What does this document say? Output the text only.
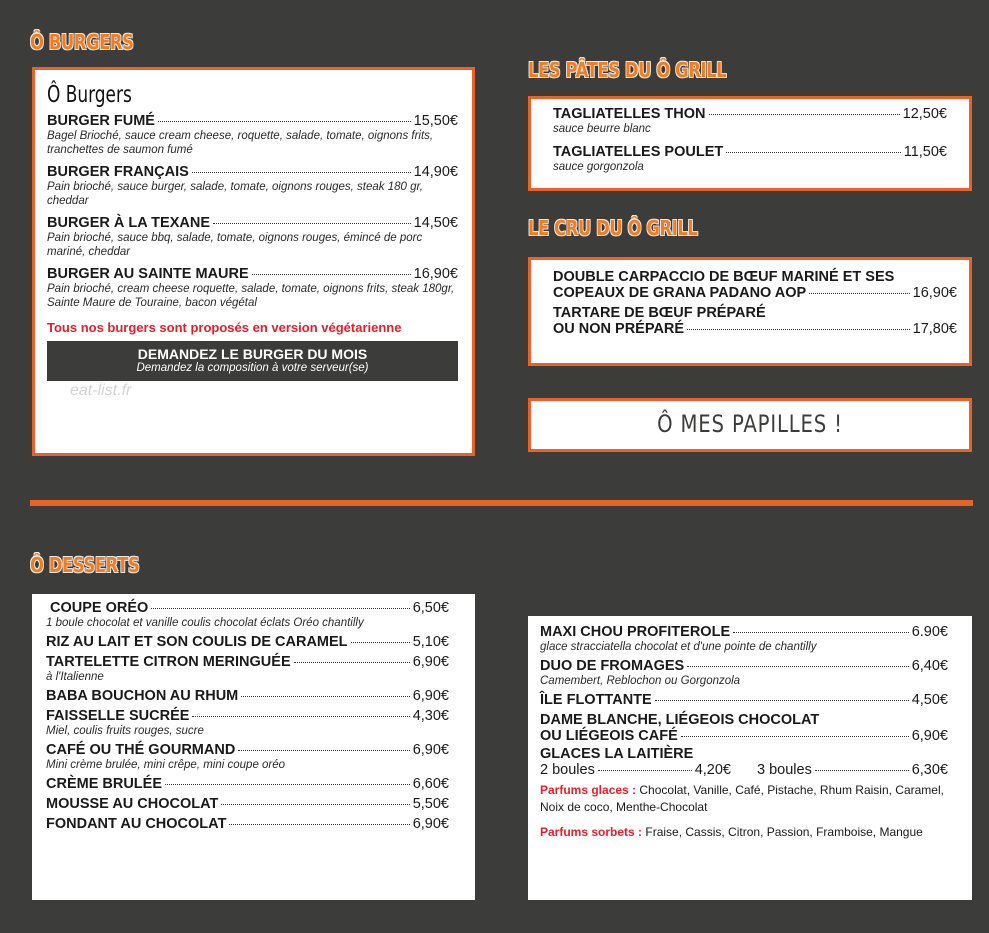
Ô BURGERS
LES PÂTES DU Ô GRILL
LE CRU DU Ô GRILL
Ô DESSERTS
Ô Burgers
BURGER FUMÉ	15,50€
Bagel Brioché, sauce cream cheese, roquette, salade, tomate, oignons frits, tranchettes de saumon fumé
BURGER FRANÇAIS	14,90€
Pain brioché, sauce burger, salade, tomate, oignons rouges, steak 180 gr, cheddar
BURGER À LA TEXANE	14,50€
Pain brioché, sauce bbq, salade, tomate, oignons rouges, émincé de porc mariné, cheddar
BURGER AU SAINTE MAURE	16,90€
Pain brioché, cream cheese roquette, salade, tomate, oignons frits, steak 180gr, Sainte Maure de Touraine, bacon végétal
Tous nos burgers sont proposés en version végétarienne
DEMANDEZ LE BURGER DU MOIS
Demandez la composition à votre serveur(se)
eat-list.fr
TAGLIATELLES THON	12,50€
sauce beurre blanc
TAGLIATELLES POULET	11,50€
sauce gorgonzola
DOUBLE CARPACCIO DE BŒUF MARINÉ ET SES
COPEAUX DE GRANA PADANO AOP	16,90€
TARTARE DE BŒUF PRÉPARÉ
OU NON PRÉPARÉ	17,80€
Ô MES PAPILLES !
COUPE ORÉO	6,50€
1 boule chocolat et vanille coulis chocolat éclats Oréo chantilly
RIZ AU LAIT ET SON COULIS DE CARAMEL	5,10€
TARTELETTE CITRON MERINGUÉE	6,90€
à l'Italienne
BABA BOUCHON AU RHUM	6,90€
FAISSELLE SUCRÉE	4,30€
Miel, coulis fruits rouges, sucre
CAFÉ OU THÉ GOURMAND	6,90€
Mini crème brulée, mini crêpe, mini coupe oréo
CRÈME BRULÉE	6,60€
MOUSSE AU CHOCOLAT	5,50€
FONDANT AU CHOCOLAT	6,90€
MAXI CHOU PROFITEROLE	6.90€
glace stracciatella chocolat et d'une pointe de chantilly
DUO DE FROMAGES	6,40€
Camembert, Reblochon ou Gorgonzola
ÎLE FLOTTANTE	4,50€
DAME BLANCHE, LIÉGEOIS CHOCOLAT
OU LIÉGEOIS CAFÉ	6,90€
GLACES LA LAITIÈRE
2 boules	4,20€ 3 boules	6,30€
Parfums glaces : Chocolat, Vanille, Café, Pistache, Rhum Raisin, Caramel, Noix de coco, Menthe-Chocolat
Parfums sorbets : Fraise, Cassis, Citron, Passion, Framboise, Mangue
